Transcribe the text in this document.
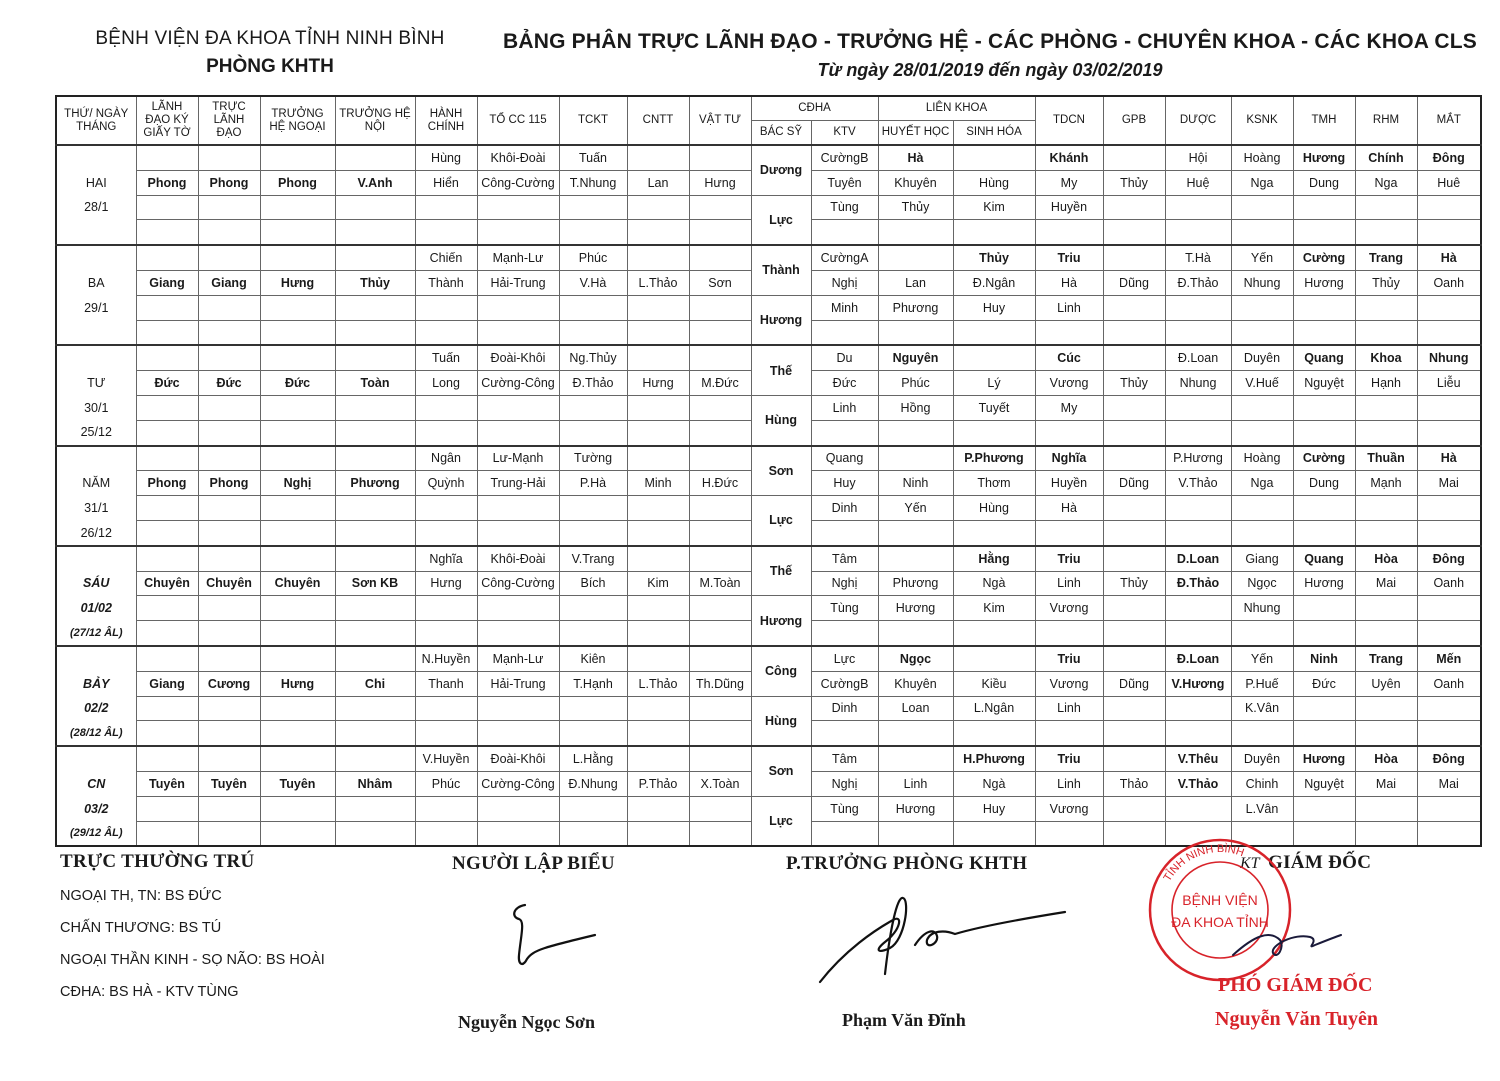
BỆNH VIỆN ĐA KHOA TỈNH NINH BÌNH
PHÒNG KHTH
BẢNG PHÂN TRỰC LÃNH ĐẠO - TRƯỞNG HỆ - CÁC PHÒNG - CHUYÊN KHOA - CÁC KHOA CLS
Từ ngày 28/01/2019 đến ngày 03/02/2019
THỨ/ NGÀY THÁNG	LÃNH ĐẠO KÝ GIẤY TỜ	TRỰC LÃNH ĐẠO	TRƯỞNG HỆ NGOẠI	TRƯỞNG HỆ NỘI	HÀNH CHÍNH	TỔ CC 115	TCKT	CNTT	VẬT TƯ	CĐHA		LIÊN KHOA		TDCN	GPB	DƯỢC	KSNK	TMH	RHM	MẮT
										BÁC SỸ	KTV	HUYẾT HỌC	SINH HÓA							
					Hùng	Khôi-Đoài	Tuấn			Dương	CườngB	Hà		Khánh		Hội	Hoàng	Hương	Chính	Đông
HAI	Phong	Phong	Phong	V.Anh	Hiển	Công-Cường	T.Nhung	Lan	Hưng		Tuyên	Khuyên	Hùng	My	Thủy	Huệ	Nga	Dung	Nga	Huê
28/1										Lực	Tùng	Thủy	Kim	Huyền						

					Chiến	Mạnh-Lư	Phúc			Thành	CườngA		Thủy	Triu		T.Hà	Yến	Cường	Trang	Hà
BA	Giang	Giang	Hưng	Thủy	Thành	Hải-Trung	V.Hà	L.Thảo	Sơn		Nghị	Lan	Đ.Ngân	Hà	Dũng	Đ.Thảo	Nhung	Hương	Thủy	Oanh
29/1										Hương	Minh	Phương	Huy	Linh						

					Tuấn	Đoài-Khôi	Ng.Thủy			Thế	Du	Nguyên		Cúc		Đ.Loan	Duyên	Quang	Khoa	Nhung
TƯ	Đức	Đức	Đức	Toàn	Long	Cường-Công	Đ.Thảo	Hưng	M.Đức		Đức	Phúc	Lý	Vương	Thủy	Nhung	V.Huế	Nguyệt	Hạnh	Liễu
30/1										Hùng	Linh	Hồng	Tuyết	My						
25/12																				
					Ngân	Lư-Mạnh	Tường			Sơn	Quang		P.Phương	Nghĩa		P.Hương	Hoàng	Cường	Thuần	Hà
NĂM	Phong	Phong	Nghị	Phương	Quỳnh	Trung-Hải	P.Hà	Minh	H.Đức		Huy	Ninh	Thơm	Huyền	Dũng	V.Thảo	Nga	Dung	Mạnh	Mai
31/1										Lực	Dinh	Yến	Hùng	Hà						
26/12																				
					Nghĩa	Khôi-Đoài	V.Trang			Thế	Tâm		Hằng	Triu		D.Loan	Giang	Quang	Hòa	Đông
SÁU	Chuyên	Chuyên	Chuyên	Sơn KB	Hưng	Công-Cường	Bích	Kim	M.Toàn		Nghị	Phương	Ngà	Linh	Thủy	Đ.Thảo	Ngọc	Hương	Mai	Oanh
01/02										Hương	Tùng	Hương	Kim	Vương			Nhung			
(27/12 ÂL)																				
					N.Huyền	Mạnh-Lư	Kiên			Công	Lực	Ngọc		Triu		Đ.Loan	Yến	Ninh	Trang	Mến
BẢY	Giang	Cương	Hưng	Chi	Thanh	Hải-Trung	T.Hạnh	L.Thảo	Th.Dũng		CườngB	Khuyên	Kiều	Vương	Dũng	V.Hương	P.Huế	Đức	Uyên	Oanh
02/2										Hùng	Dinh	Loan	L.Ngân	Linh			K.Vân			
(28/12 ÂL)																				
					V.Huyền	Đoài-Khôi	L.Hằng			Sơn	Tâm		H.Phương	Triu		V.Thêu	Duyên	Hương	Hòa	Đông
CN	Tuyên	Tuyên	Tuyên	Nhâm	Phúc	Cường-Công	Đ.Nhung	P.Thảo	X.Toàn		Nghị	Linh	Ngà	Linh	Thảo	V.Thảo	Chinh	Nguyệt	Mai	Mai
03/2										Lực	Tùng	Hương	Huy	Vương			L.Vân			
(29/12 ÂL)																				
TRỰC THƯỜNG TRÚ
NGOẠI TH, TN: BS ĐỨC
CHẤN THƯƠNG: BS TÚ
NGOẠI THẦN KINH - SỌ NÃO: BS HOÀI
CĐHA: BS HÀ - KTV TÙNG
NGƯỜI LẬP BIỂU
Nguyễn Ngọc Sơn
P.TRƯỞNG PHÒNG KHTH
Phạm Văn Đĩnh
KT GIÁM ĐỐC
TỈNH NINH BÌNH
BỆNH VIỆN
ĐA KHOA TỈNH
PHÓ GIÁM ĐỐC
Nguyễn Văn Tuyên
